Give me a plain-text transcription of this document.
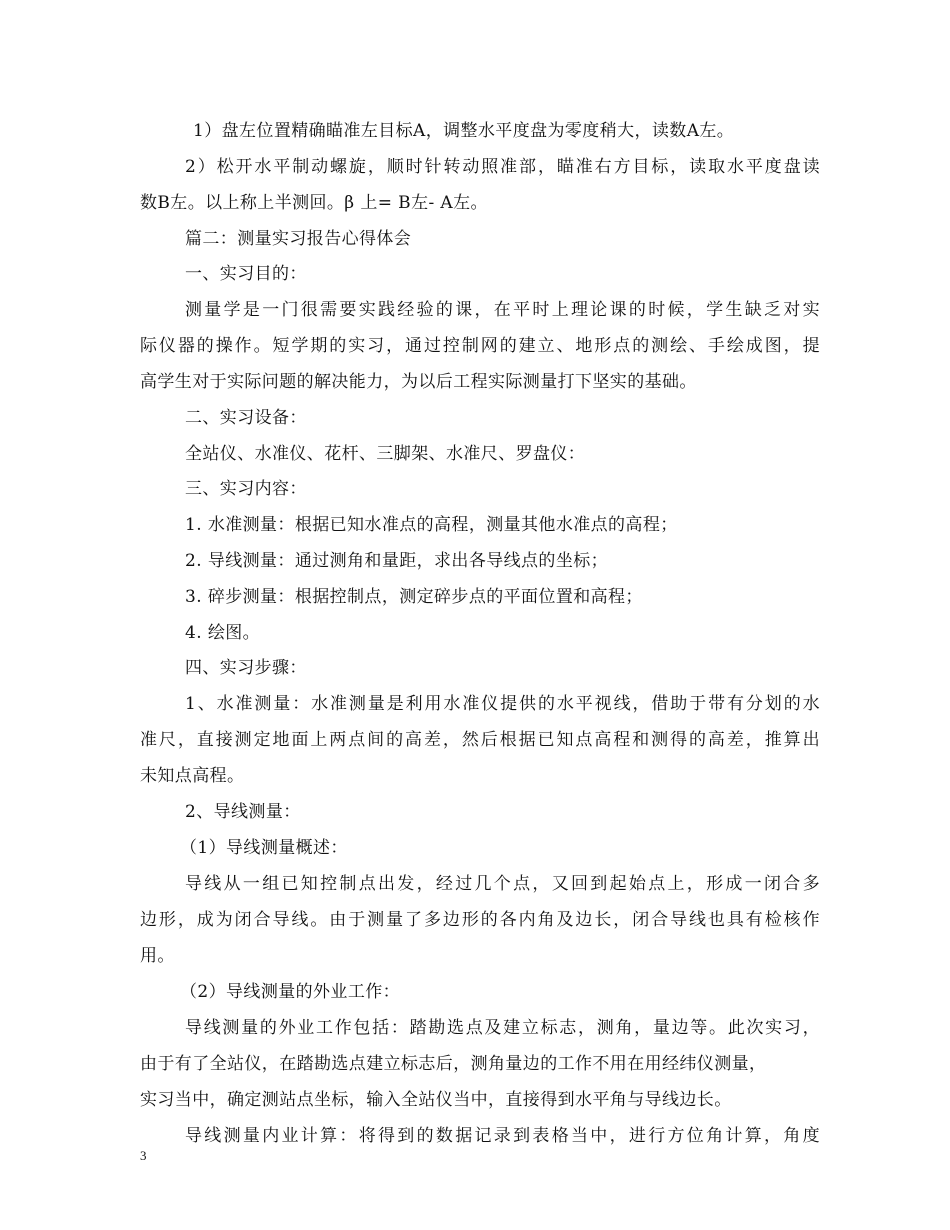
1）盘左位置精确瞄准左目标A，调整水平度盘为零度稍大，读数A左。
2）松开水平制动螺旋，顺时针转动照准部，瞄准右方目标，读取水平度盘读
数B左。以上称上半测回。β 上= B左- A左。
篇二：测量实习报告心得体会
一、实习目的：
测量学是一门很需要实践经验的课，在平时上理论课的时候，学生缺乏对实
际仪器的操作。短学期的实习，通过控制网的建立、地形点的测绘、手绘成图，提
高学生对于实际问题的解决能力，为以后工程实际测量打下坚实的基础。
二、实习设备：
全站仪、水准仪、花杆、三脚架、水准尺、罗盘仪：
三、实习内容：
1. 水准测量：根据已知水准点的高程，测量其他水准点的高程；
2. 导线测量：通过测角和量距，求出各导线点的坐标；
3. 碎步测量：根据控制点，测定碎步点的平面位置和高程；
4. 绘图。
四、实习步骤：
1、水准测量：水准测量是利用水准仪提供的水平视线，借助于带有分划的水
准尺，直接测定地面上两点间的高差，然后根据已知点高程和测得的高差，推算出
未知点高程。
2、导线测量：
（1）导线测量概述：
导线从一组已知控制点出发，经过几个点，又回到起始点上，形成一闭合多
边形，成为闭合导线。由于测量了多边形的各内角及边长，闭合导线也具有检核作
用。
（2）导线测量的外业工作：
导线测量的外业工作包括：踏勘选点及建立标志，测角，量边等。此次实习，
由于有了全站仪，在踏勘选点建立标志后，测角量边的工作不用在用经纬仪测量，
实习当中，确定测站点坐标，输入全站仪当中，直接得到水平角与导线边长。
导线测量内业计算：将得到的数据记录到表格当中，进行方位角计算，角度
3
